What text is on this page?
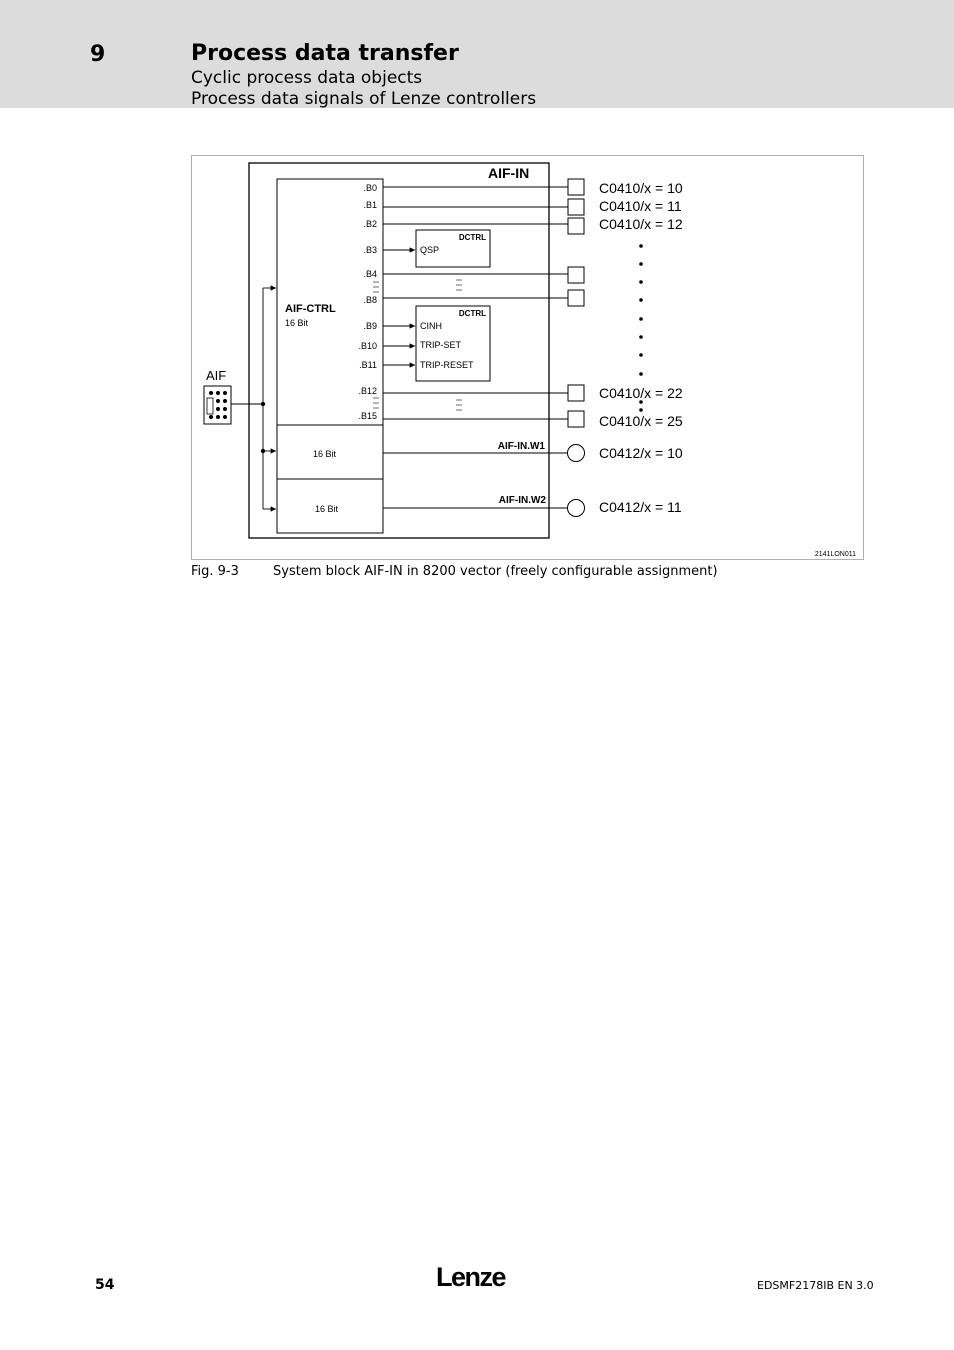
9	Process data transfer
Cyclic process data objects
Process data signals of Lenze controllers
AIF-IN
AIF-CTRL
16 Bit
16 Bit
16 Bit
.B0
.B1
.B2
.B3
.B4
.B8
.B9
.B10
.B11
.B12
.B15
DCTRL
QSP
DCTRL
CINH
TRIP-SET
TRIP-RESET
AIF-IN.W1
AIF-IN.W2
C0410/x = 10
C0410/x = 11
C0410/x = 12
C0410/x = 22
C0410/x = 25
C0412/x = 10
C0412/x = 11
AIF
2141LON011
Fig. 9-3	System block AIF-IN in 8200 vector (freely configurable assignment)
54	Lenze	EDSMF2178IB EN 3.0
